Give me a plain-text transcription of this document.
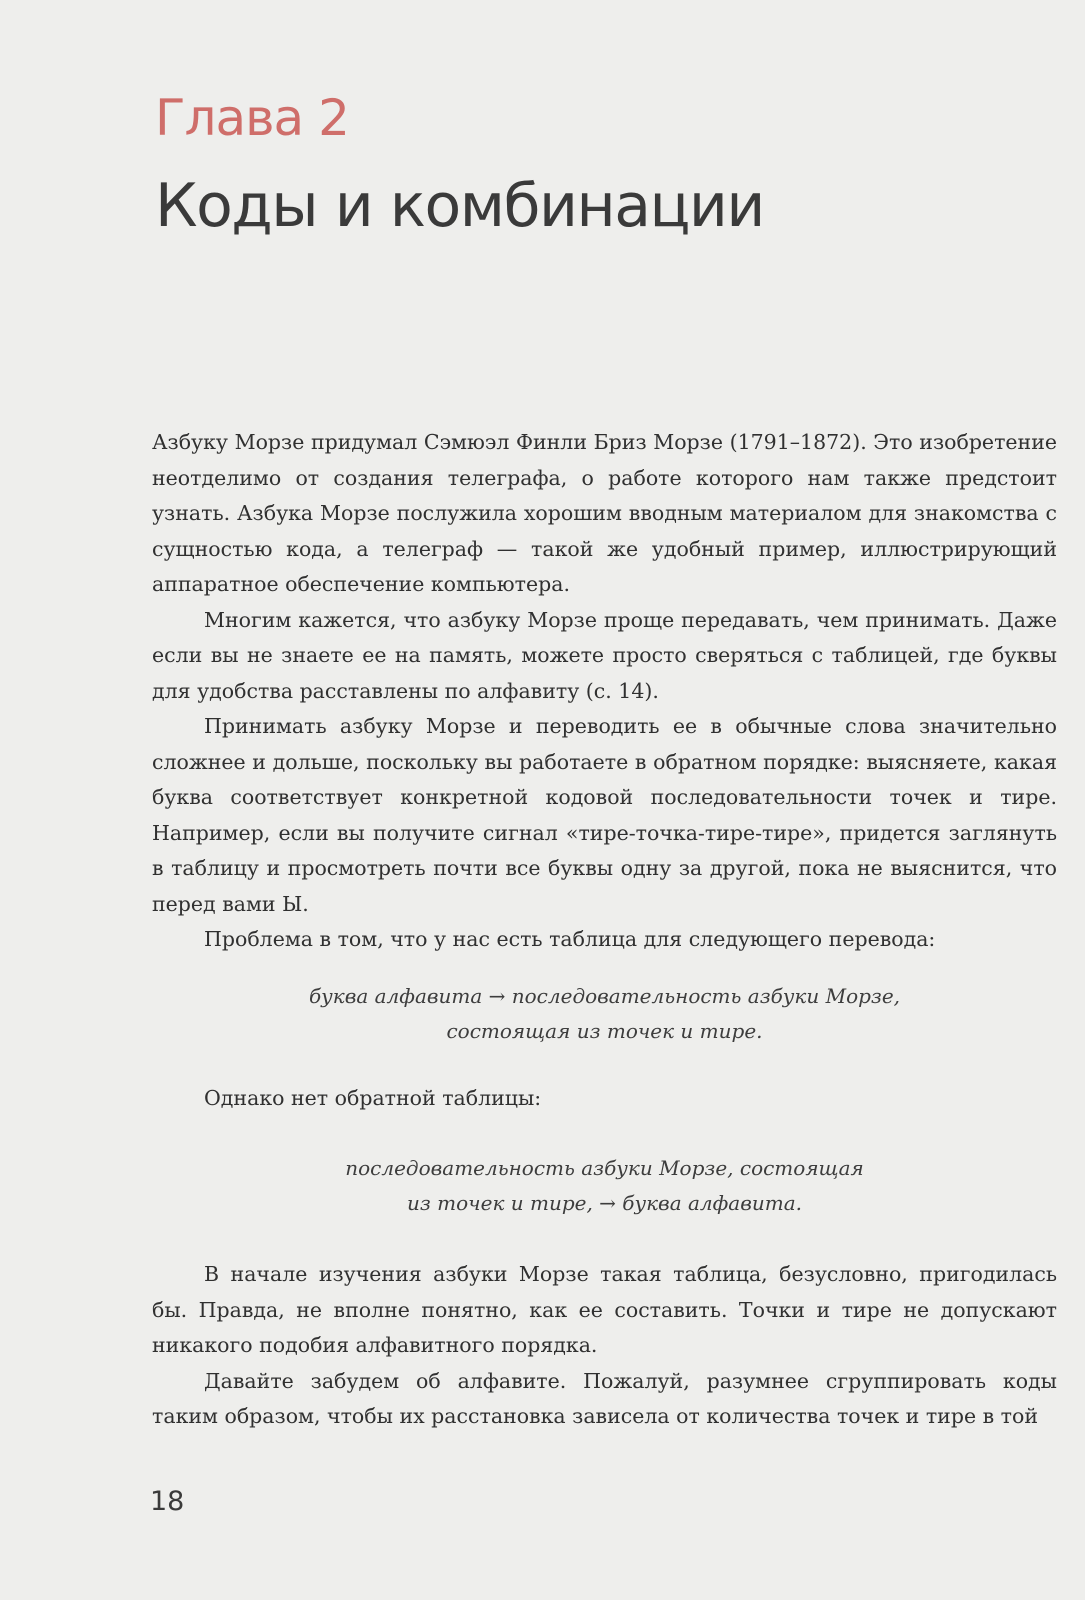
Глава 2
Коды и комбинации

Азбуку Морзе придумал Сэмюэл Финли Бриз Морзе (1791–1872). Это изобретение неотделимо от создания телеграфа, о работе которого нам также предстоит узнать. Азбука Морзе послужила хорошим вводным материалом для знакомства с сущностью кода, а телеграф — такой же удобный пример, иллюстрирующий аппаратное обеспечение компьютера.

Многим кажется, что азбуку Морзе проще передавать, чем принимать. Даже если вы не знаете ее на память, можете просто сверяться с таблицей, где буквы для удобства расставлены по алфавиту (с. 14).

Принимать азбуку Морзе и переводить ее в обычные слова значительно сложнее и дольше, поскольку вы работаете в обратном порядке: выясняете, какая буква соответствует конкретной кодовой последовательности точек и тире. Например, если вы получите сигнал «тире-точка-тире-тире», придется заглянуть в таблицу и просмотреть почти все буквы одну за другой, пока не выяснится, что перед вами Ы.

Проблема в том, что у нас есть таблица для следующего перевода:

буква алфавита → последовательность азбуки Морзе,
состоящая из точек и тире.
Однако нет обратной таблицы:
последовательность азбуки Морзе, состоящая
из точек и тире, → буква алфавита.

В начале изучения азбуки Морзе такая таблица, безусловно, пригодилась бы. Правда, не вполне понятно, как ее составить. Точки и тире не допускают никакого подобия алфавитного порядка.

Давайте забудем об алфавите. Пожалуй, разумнее сгруппировать коды таким образом, чтобы их расстановка зависела от количества точек и тире в той

18
